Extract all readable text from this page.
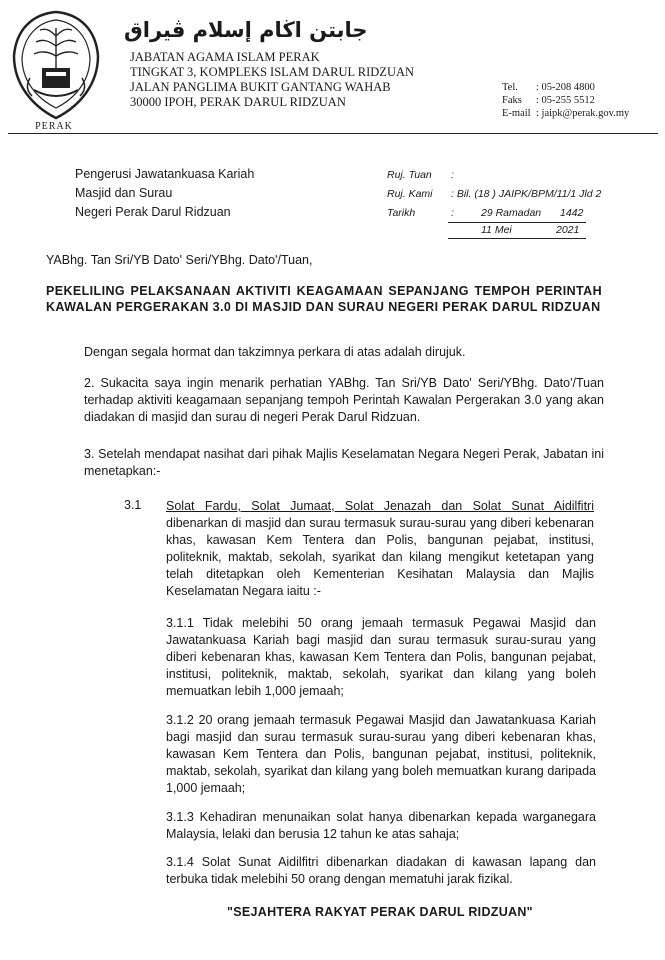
PERAK
جابتن اڬام إسلام ڤيراق
JABATAN AGAMA ISLAM PERAK
TINGKAT 3, KOMPLEKS ISLAM DARUL RIDZUAN
JALAN PANGLIMA BUKIT GANTANG WAHAB
30000 IPOH, PERAK DARUL RIDZUAN
Tel. : 05-208 4800
Faks : 05-255 5512
E-mail : jaipk@perak.gov.my
Pengerusi Jawatankuasa Kariah
Masjid dan Surau
Negeri Perak Darul Ridzuan
Ruj. Tuan :
Ruj. Kami : Bil. (18 ) JAIPK/BPM/11/1 Jld 2
Tarikh	:	29 Ramadan 1442
11 Mei	2021
YABhg. Tan Sri/YB Dato' Seri/YBhg. Dato'/Tuan,
PEKELILING PELAKSANAAN AKTIVITI KEAGAMAAN SEPANJANG TEMPOH PERINTAH KAWALAN PERGERAKAN 3.0 DI MASJID DAN SURAU NEGERI PERAK DARUL RIDZUAN
Dengan segala hormat dan takzimnya perkara di atas adalah dirujuk.
2. Sukacita saya ingin menarik perhatian YABhg. Tan Sri/YB Dato' Seri/YBhg. Dato'/Tuan terhadap aktiviti keagamaan sepanjang tempoh Perintah Kawalan Pergerakan 3.0 yang akan diadakan di masjid dan surau di negeri Perak Darul Ridzuan.
3. Setelah mendapat nasihat dari pihak Majlis Keselamatan Negara Negeri Perak, Jabatan ini menetapkan:-
3.1 Solat Fardu, Solat Jumaat, Solat Jenazah dan Solat Sunat Aidilfitri dibenarkan di masjid dan surau termasuk surau-surau yang diberi kebenaran khas, kawasan Kem Tentera dan Polis, bangunan pejabat, institusi, politeknik, maktab, sekolah, syarikat dan kilang mengikut ketetapan yang telah ditetapkan oleh Kementerian Kesihatan Malaysia dan Majlis Keselamatan Negara iaitu :-
3.1.1 Tidak melebihi 50 orang jemaah termasuk Pegawai Masjid dan Jawatankuasa Kariah bagi masjid dan surau termasuk surau-surau yang diberi kebenaran khas, kawasan Kem Tentera dan Polis, bangunan pejabat, institusi, politeknik, maktab, sekolah, syarikat dan kilang yang boleh memuatkan lebih 1,000 jemaah;
3.1.2 20 orang jemaah termasuk Pegawai Masjid dan Jawatankuasa Kariah bagi masjid dan surau termasuk surau-surau yang diberi kebenaran khas, kawasan Kem Tentera dan Polis, bangunan pejabat, institusi, politeknik, maktab, sekolah, syarikat dan kilang yang boleh memuatkan kurang daripada 1,000 jemaah;
3.1.3 Kehadiran menunaikan solat hanya dibenarkan kepada warganegara Malaysia, lelaki dan berusia 12 tahun ke atas sahaja;
3.1.4 Solat Sunat Aidilfitri dibenarkan diadakan di kawasan lapang dan terbuka tidak melebihi 50 orang dengan mematuhi jarak fizikal.
"SEJAHTERA RAKYAT PERAK DARUL RIDZUAN"
